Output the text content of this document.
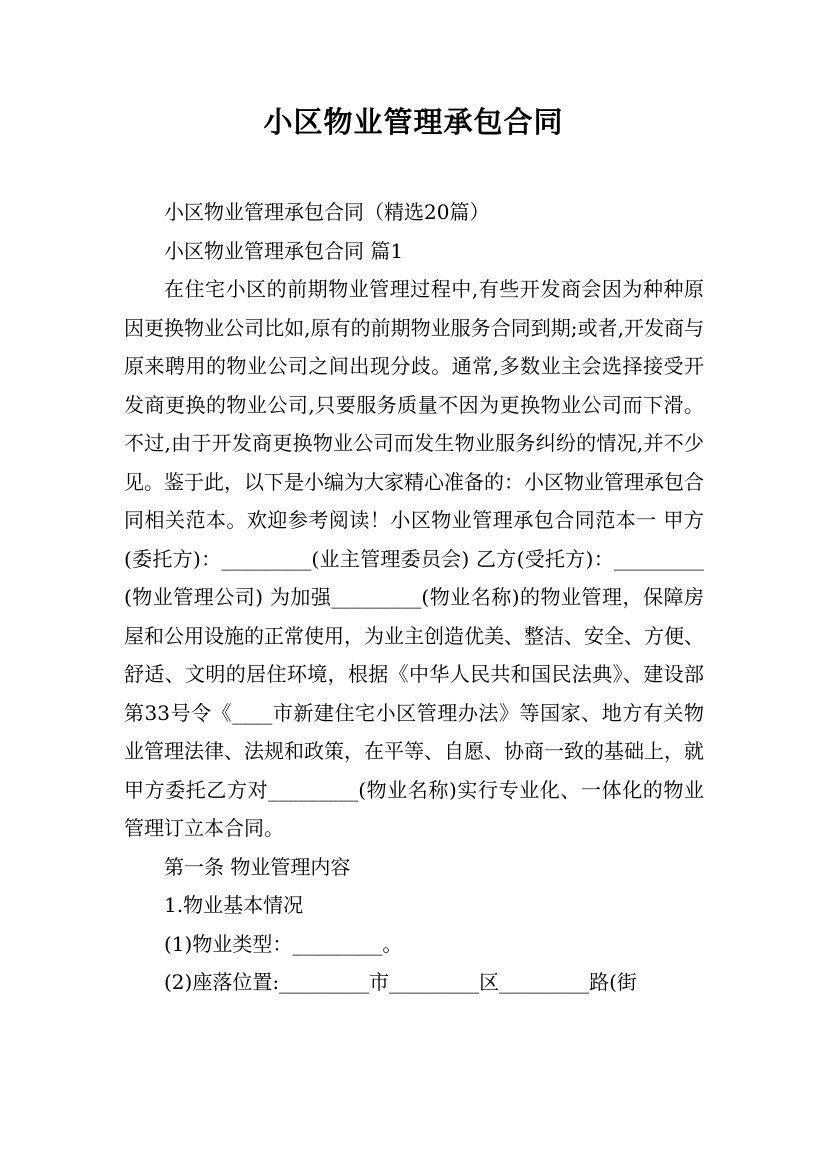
小区物业管理承包合同

小区物业管理承包合同（精选20篇）

小区物业管理承包合同 篇1

在住宅小区的前期物业管理过程中,有些开发商会因为种种原因更换物业公司比如,原有的前期物业服务合同到期;或者,开发商与原来聘用的物业公司之间出现分歧。通常,多数业主会选择接受开发商更换的物业公司,只要服务质量不因为更换物业公司而下滑。不过,由于开发商更换物业公司而发生物业服务纠纷的情况,并不少见。鉴于此，以下是小编为大家精心准备的：小区物业管理承包合同相关范本。欢迎参考阅读！小区物业管理承包合同范本一 甲方(委托方)：_________(业主管理委员会) 乙方(受托方)：_________(物业管理公司) 为加强_________(物业名称)的物业管理，保障房屋和公用设施的正常使用，为业主创造优美、整洁、安全、方便、舒适、文明的居住环境，根据《中华人民共和国民法典》、建设部第33号令《____市新建住宅小区管理办法》等国家、地方有关物业管理法律、法规和政策，在平等、自愿、协商一致的基础上，就甲方委托乙方对_________(物业名称)实行专业化、一体化的物业管理订立本合同。

第一条 物业管理内容

1.物业基本情况

(1)物业类型：_________。

(2)座落位置:_________市_________区_________路(街
